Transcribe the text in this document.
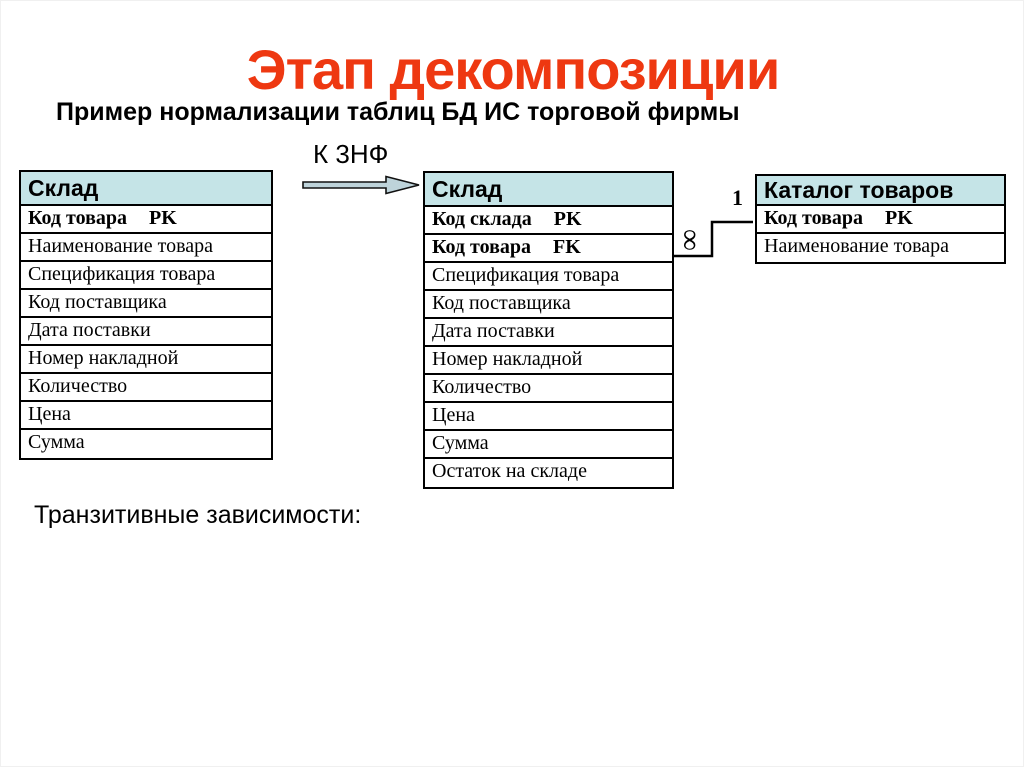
Этап декомпозиции
Пример нормализации таблиц БД ИС торговой фирмы
К 3НФ
Склад
Код товара PK
Наименование товара
Спецификация товара
Код поставщика
Дата поставки
Номер накладной
Количество
Цена
Сумма
Склад
Код склада PK
Код товара FK
Спецификация товара
Код поставщика
Дата поставки
Номер накладной
Количество
Цена
Сумма
Остаток на складе
Каталог товаров
Код товара PK
Наименование товара
1
∞
Транзитивные зависимости:
